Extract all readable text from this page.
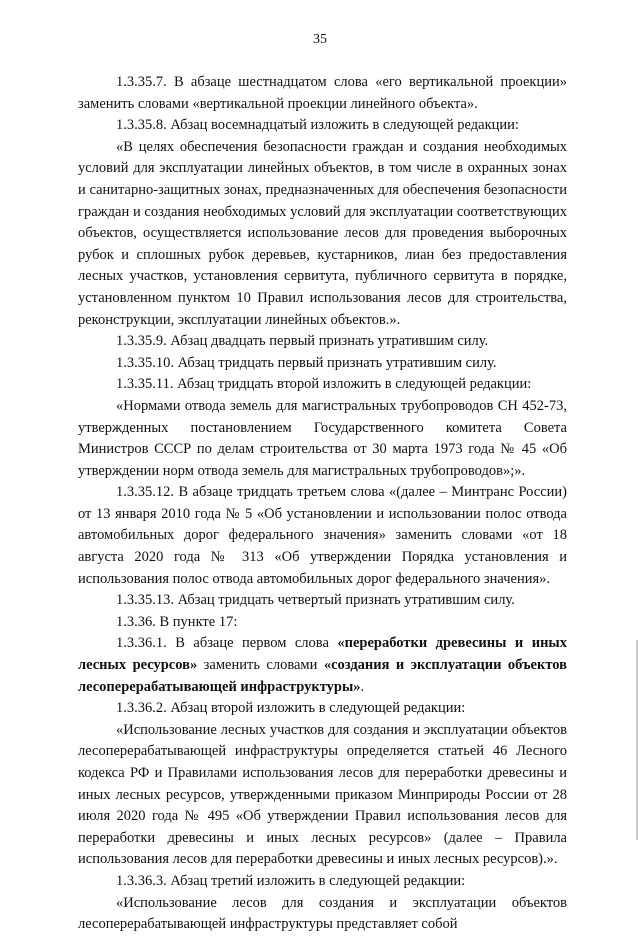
35

1.3.35.7. В абзаце шестнадцатом слова «его вертикальной проекции» заменить словами «вертикальной проекции линейного объекта».

1.3.35.8. Абзац восемнадцатый изложить в следующей редакции:

«В целях обеспечения безопасности граждан и создания необходимых условий для эксплуатации линейных объектов, в том числе в охранных зонах и санитарно-защитных зонах, предназначенных для обеспечения безопасности граждан и создания необходимых условий для эксплуатации соответствующих объектов, осуществляется использование лесов для проведения выборочных рубок и сплошных рубок деревьев, кустарников, лиан без предоставления лесных участков, установления сервитута, публичного сервитута в порядке, установленном пунктом 10 Правил использования лесов для строительства, реконструкции, эксплуатации линейных объектов.».

1.3.35.9. Абзац двадцать первый признать утратившим силу.

1.3.35.10. Абзац тридцать первый признать утратившим силу.

1.3.35.11. Абзац тридцать второй изложить в следующей редакции:

«Нормами отвода земель для магистральных трубопроводов СН 452-73, утвержденных постановлением Государственного комитета Совета Министров СССР по делам строительства от 30 марта 1973 года № 45 «Об утверждении норм отвода земель для магистральных трубопроводов»;».

1.3.35.12. В абзаце тридцать третьем слова «(далее – Минтранс России) от 13 января 2010 года № 5 «Об установлении и использовании полос отвода автомобильных дорог федерального значения» заменить словами «от 18 августа 2020 года № 313 «Об утверждении Порядка установления и использования полос отвода автомобильных дорог федерального значения».

1.3.35.13. Абзац тридцать четвертый признать утратившим силу.

1.3.36. В пункте 17:

1.3.36.1. В абзаце первом слова «переработки древесины и иных лесных ресурсов» заменить словами «создания и эксплуатации объектов лесоперерабатывающей инфраструктуры».

1.3.36.2. Абзац второй изложить в следующей редакции:

«Использование лесных участков для создания и эксплуатации объектов лесоперерабатывающей инфраструктуры определяется статьей 46 Лесного кодекса РФ и Правилами использования лесов для переработки древесины и иных лесных ресурсов, утвержденными приказом Минприроды России от 28 июля 2020 года № 495 «Об утверждении Правил использования лесов для переработки древесины и иных лесных ресурсов» (далее – Правила использования лесов для переработки древесины и иных лесных ресурсов).».

1.3.36.3. Абзац третий изложить в следующей редакции:

«Использование лесов для создания и эксплуатации объектов лесоперерабатывающей инфраструктуры представляет собой
